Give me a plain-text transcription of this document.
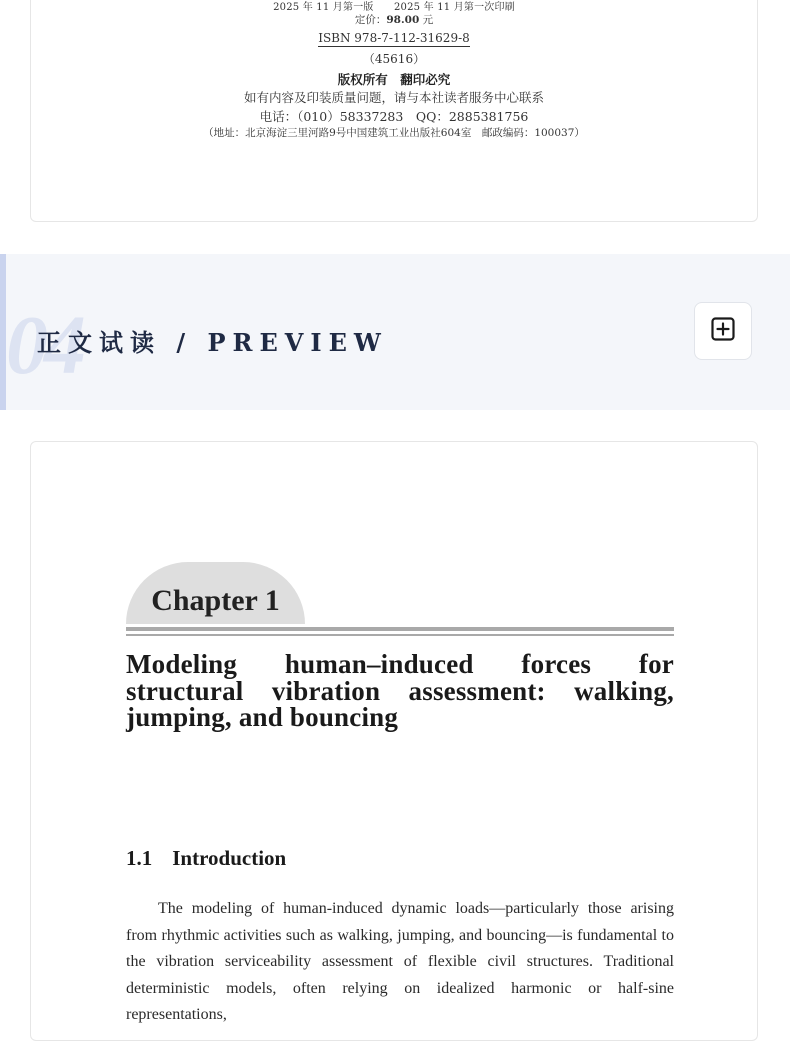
2025 年 11 月第一版　　2025 年 11 月第一次印刷
定价：98.00 元
ISBN 978-7-112-31629-8
（45616）
版权所有　翻印必究
如有内容及印装质量问题，请与本社读者服务中心联系
电话：（010）58337283　QQ：2885381756
（地址：北京海淀三里河路9号中国建筑工业出版社604室　邮政编码：100037）
04
正文试读 / PREVIEW
Chapter 1
Modeling human–induced forces for structural vibration assessment: walking, jumping, and bouncing
1.1 Introduction
The modeling of human-induced dynamic loads—particularly those arising from rhythmic activities such as walking, jumping, and bouncing—is fundamental to the vibration serviceability assessment of flexible civil structures. Traditional deterministic models, often relying on idealized harmonic or half-sine representations,
